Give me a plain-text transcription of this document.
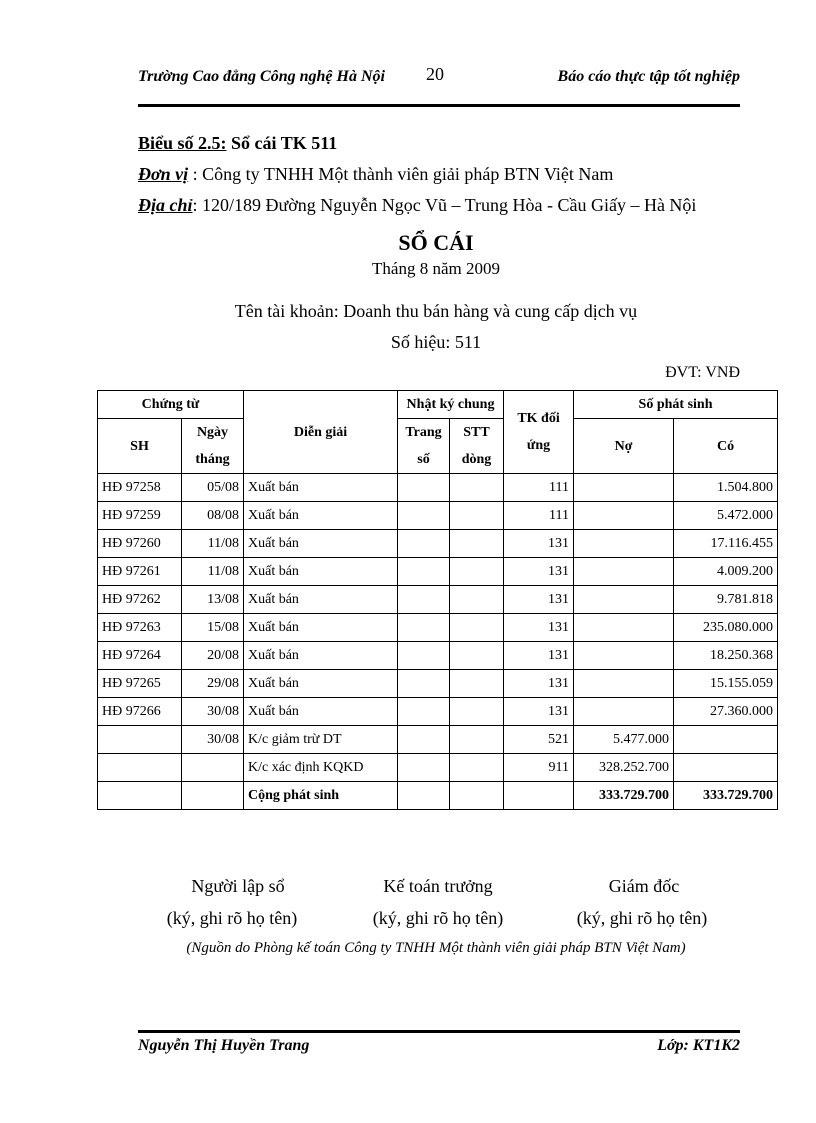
Trường Cao đẳng Công nghệ Hà Nội 20	Báo cáo thực tập tốt nghiệp
Biểu số 2.5: Sổ cái TK 511
Đơn vị : Công ty TNHH Một thành viên giải pháp BTN Việt Nam
Địa chỉ: 120/189 Đường Nguyễn Ngọc Vũ – Trung Hòa - Cầu Giấy – Hà Nội
SỔ CÁI
Tháng 8 năm 2009
Tên tài khoản: Doanh thu bán hàng và cung cấp dịch vụ
Số hiệu: 511
ĐVT: VNĐ
Chứng từ		Diễn giải	Nhật ký chung		TK đối ứng	Số phát sinh	

SH	Ngày tháng		Trang số	STT dòng		Nợ	Có

HĐ 97258	05/08	Xuất bán			111		1.504.800
HĐ 97259	08/08	Xuất bán			111		5.472.000
HĐ 97260	11/08	Xuất bán			131		17.116.455
HĐ 97261	11/08	Xuất bán			131		4.009.200
HĐ 97262	13/08	Xuất bán			131		9.781.818
HĐ 97263	15/08	Xuất bán			131		235.080.000
HĐ 97264	20/08	Xuất bán			131		18.250.368
HĐ 97265	29/08	Xuất bán			131		15.155.059
HĐ 97266	30/08	Xuất bán			131		27.360.000
	30/08	K/c giảm trừ DT			521	5.477.000	
		K/c xác định KQKD			911	328.252.700	
		Cộng phát sinh				333.729.700	333.729.700
Người lập sổ	Kế toán trưởng	Giám đốc
(ký, ghi rõ họ tên)	(ký, ghi rõ họ tên)	(ký, ghi rõ họ tên)
(Nguồn do Phòng kế toán Công ty TNHH Một thành viên giải pháp BTN Việt Nam)
Nguyễn Thị Huyền Trang	Lớp: KT1K2
